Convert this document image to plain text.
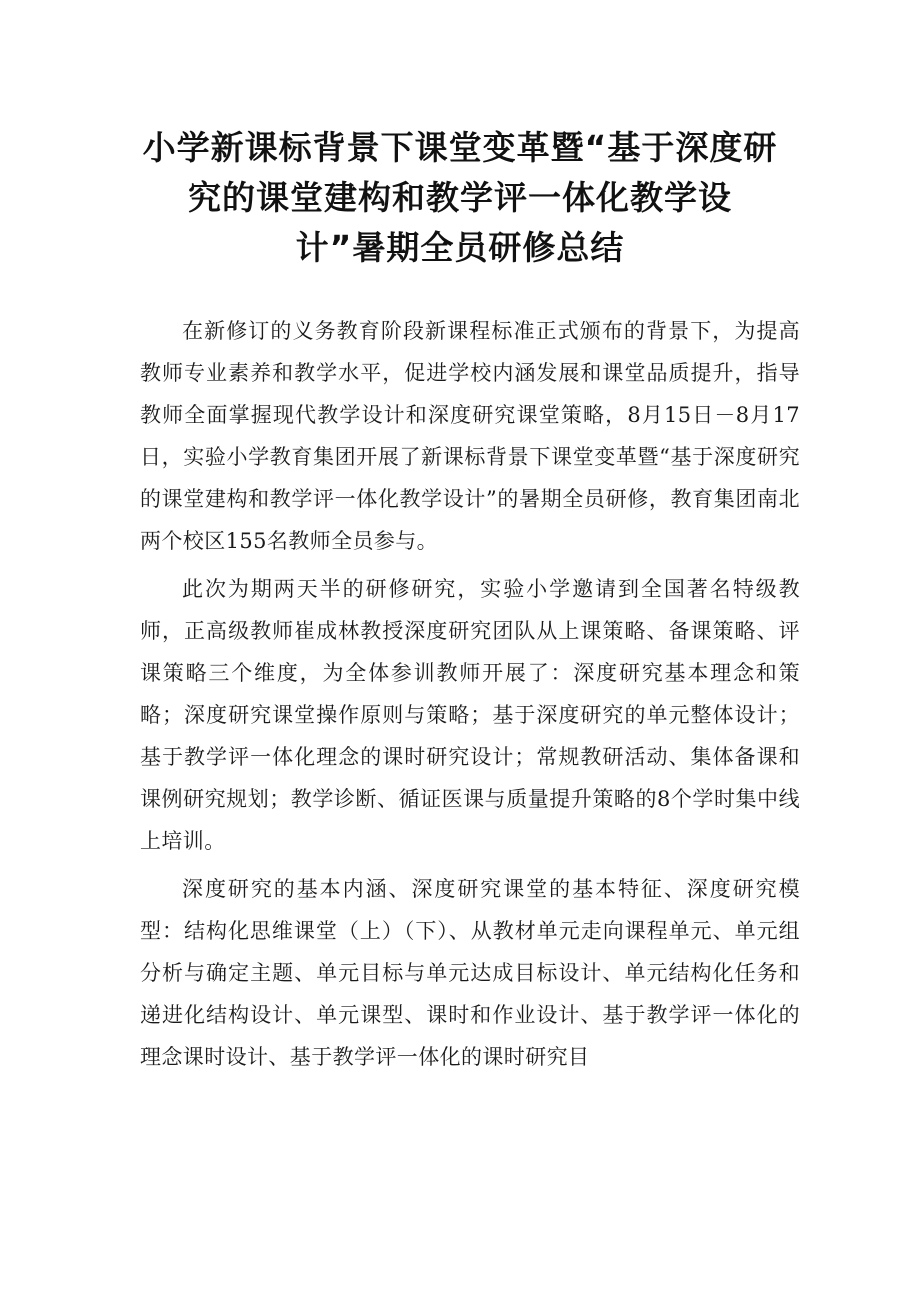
小学新课标背景下课堂变革暨“基于深度研
究的课堂建构和教学评一体化教学设
计”暑期全员研修总结

在新修订的义务教育阶段新课程标准正式颁布的背景下，为提高教师专业素养和教学水平，促进学校内涵发展和课堂品质提升，指导教师全面掌握现代教学设计和深度研究课堂策略，8月15日－8月17日，实验小学教育集团开展了新课标背景下课堂变革暨“基于深度研究的课堂建构和教学评一体化教学设计”的暑期全员研修，教育集团南北两个校区155名教师全员参与。

此次为期两天半的研修研究，实验小学邀请到全国著名特级教师，正高级教师崔成林教授深度研究团队从上课策略、备课策略、评课策略三个维度，为全体参训教师开展了：深度研究基本理念和策略；深度研究课堂操作原则与策略；基于深度研究的单元整体设计；基于教学评一体化理念的课时研究设计；常规教研活动、集体备课和课例研究规划；教学诊断、循证医课与质量提升策略的8个学时集中线上培训。

深度研究的基本内涵、深度研究课堂的基本特征、深度研究模型：结构化思维课堂（上）（下）、从教材单元走向课程单元、单元组分析与确定主题、单元目标与单元达成目标设计、单元结构化任务和递进化结构设计、单元课型、课时和作业设计、基于教学评一体化的理念课时设计、基于教学评一体化的课时研究目
